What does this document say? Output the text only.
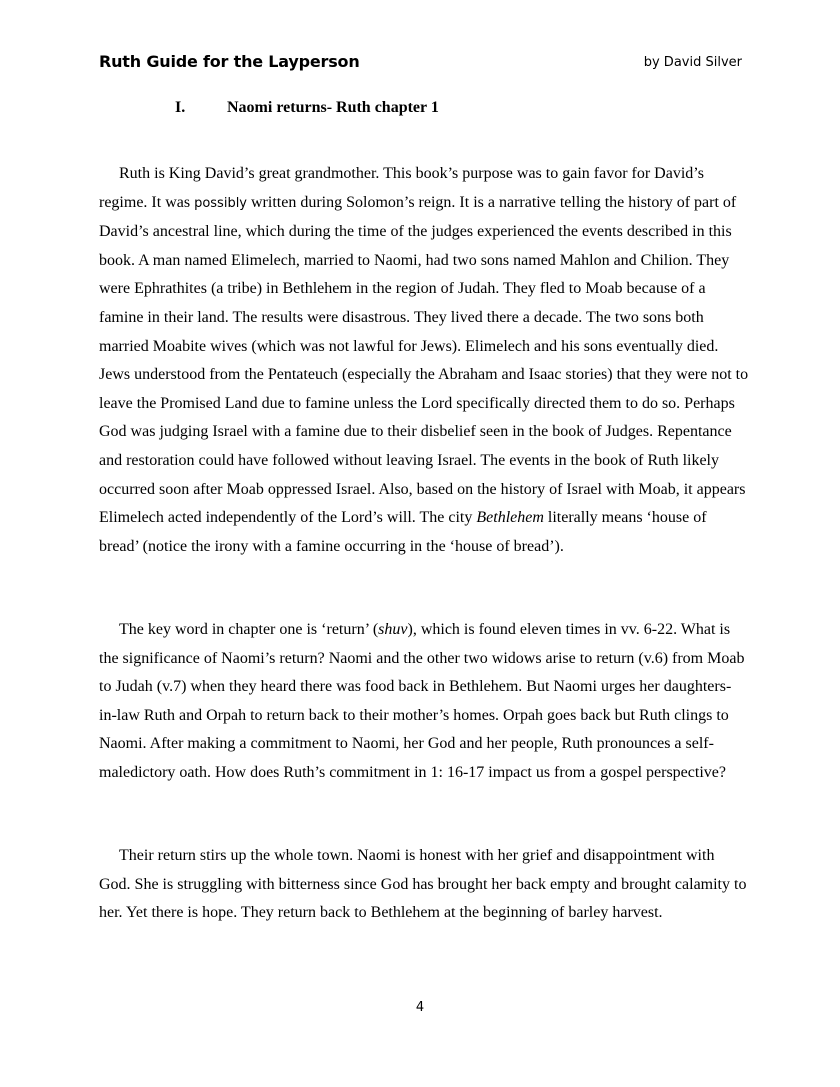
Ruth Guide for the Layperson	by David Silver
I.	Naomi returns- Ruth chapter 1

Ruth is King David’s great grandmother. This book’s purpose was to gain favor for David’s regime. It was possibly written during Solomon’s reign. It is a narrative telling the history of part of David’s ancestral line, which during the time of the judges experienced the events described in this book. A man named Elimelech, married to Naomi, had two sons named Mahlon and Chilion. They were Ephrathites (a tribe) in Bethlehem in the region of Judah. They fled to Moab because of a famine in their land. The results were disastrous. They lived there a decade. The two sons both married Moabite wives (which was not lawful for Jews). Elimelech and his sons eventually died. Jews understood from the Pentateuch (especially the Abraham and Isaac stories) that they were not to leave the Promised Land due to famine unless the Lord specifically directed them to do so. Perhaps God was judging Israel with a famine due to their disbelief seen in the book of Judges. Repentance and restoration could have followed without leaving Israel. The events in the book of Ruth likely occurred soon after Moab oppressed Israel. Also, based on the history of Israel with Moab, it appears Elimelech acted independently of the Lord’s will. The city Bethlehem literally means ‘house of bread’ (notice the irony with a famine occurring in the ‘house of bread’).

The key word in chapter one is ‘return’ (shuv), which is found eleven times in vv. 6-22. What is the significance of Naomi’s return? Naomi and the other two widows arise to return (v.6) from Moab to Judah (v.7) when they heard there was food back in Bethlehem. But Naomi urges her daughters-in-law Ruth and Orpah to return back to their mother’s homes. Orpah goes back but Ruth clings to Naomi. After making a commitment to Naomi, her God and her people, Ruth pronounces a self-maledictory oath. How does Ruth’s commitment in 1: 16-17 impact us from a gospel perspective?

Their return stirs up the whole town. Naomi is honest with her grief and disappointment with God. She is struggling with bitterness since God has brought her back empty and brought calamity to her. Yet there is hope. They return back to Bethlehem at the beginning of barley harvest.

4
